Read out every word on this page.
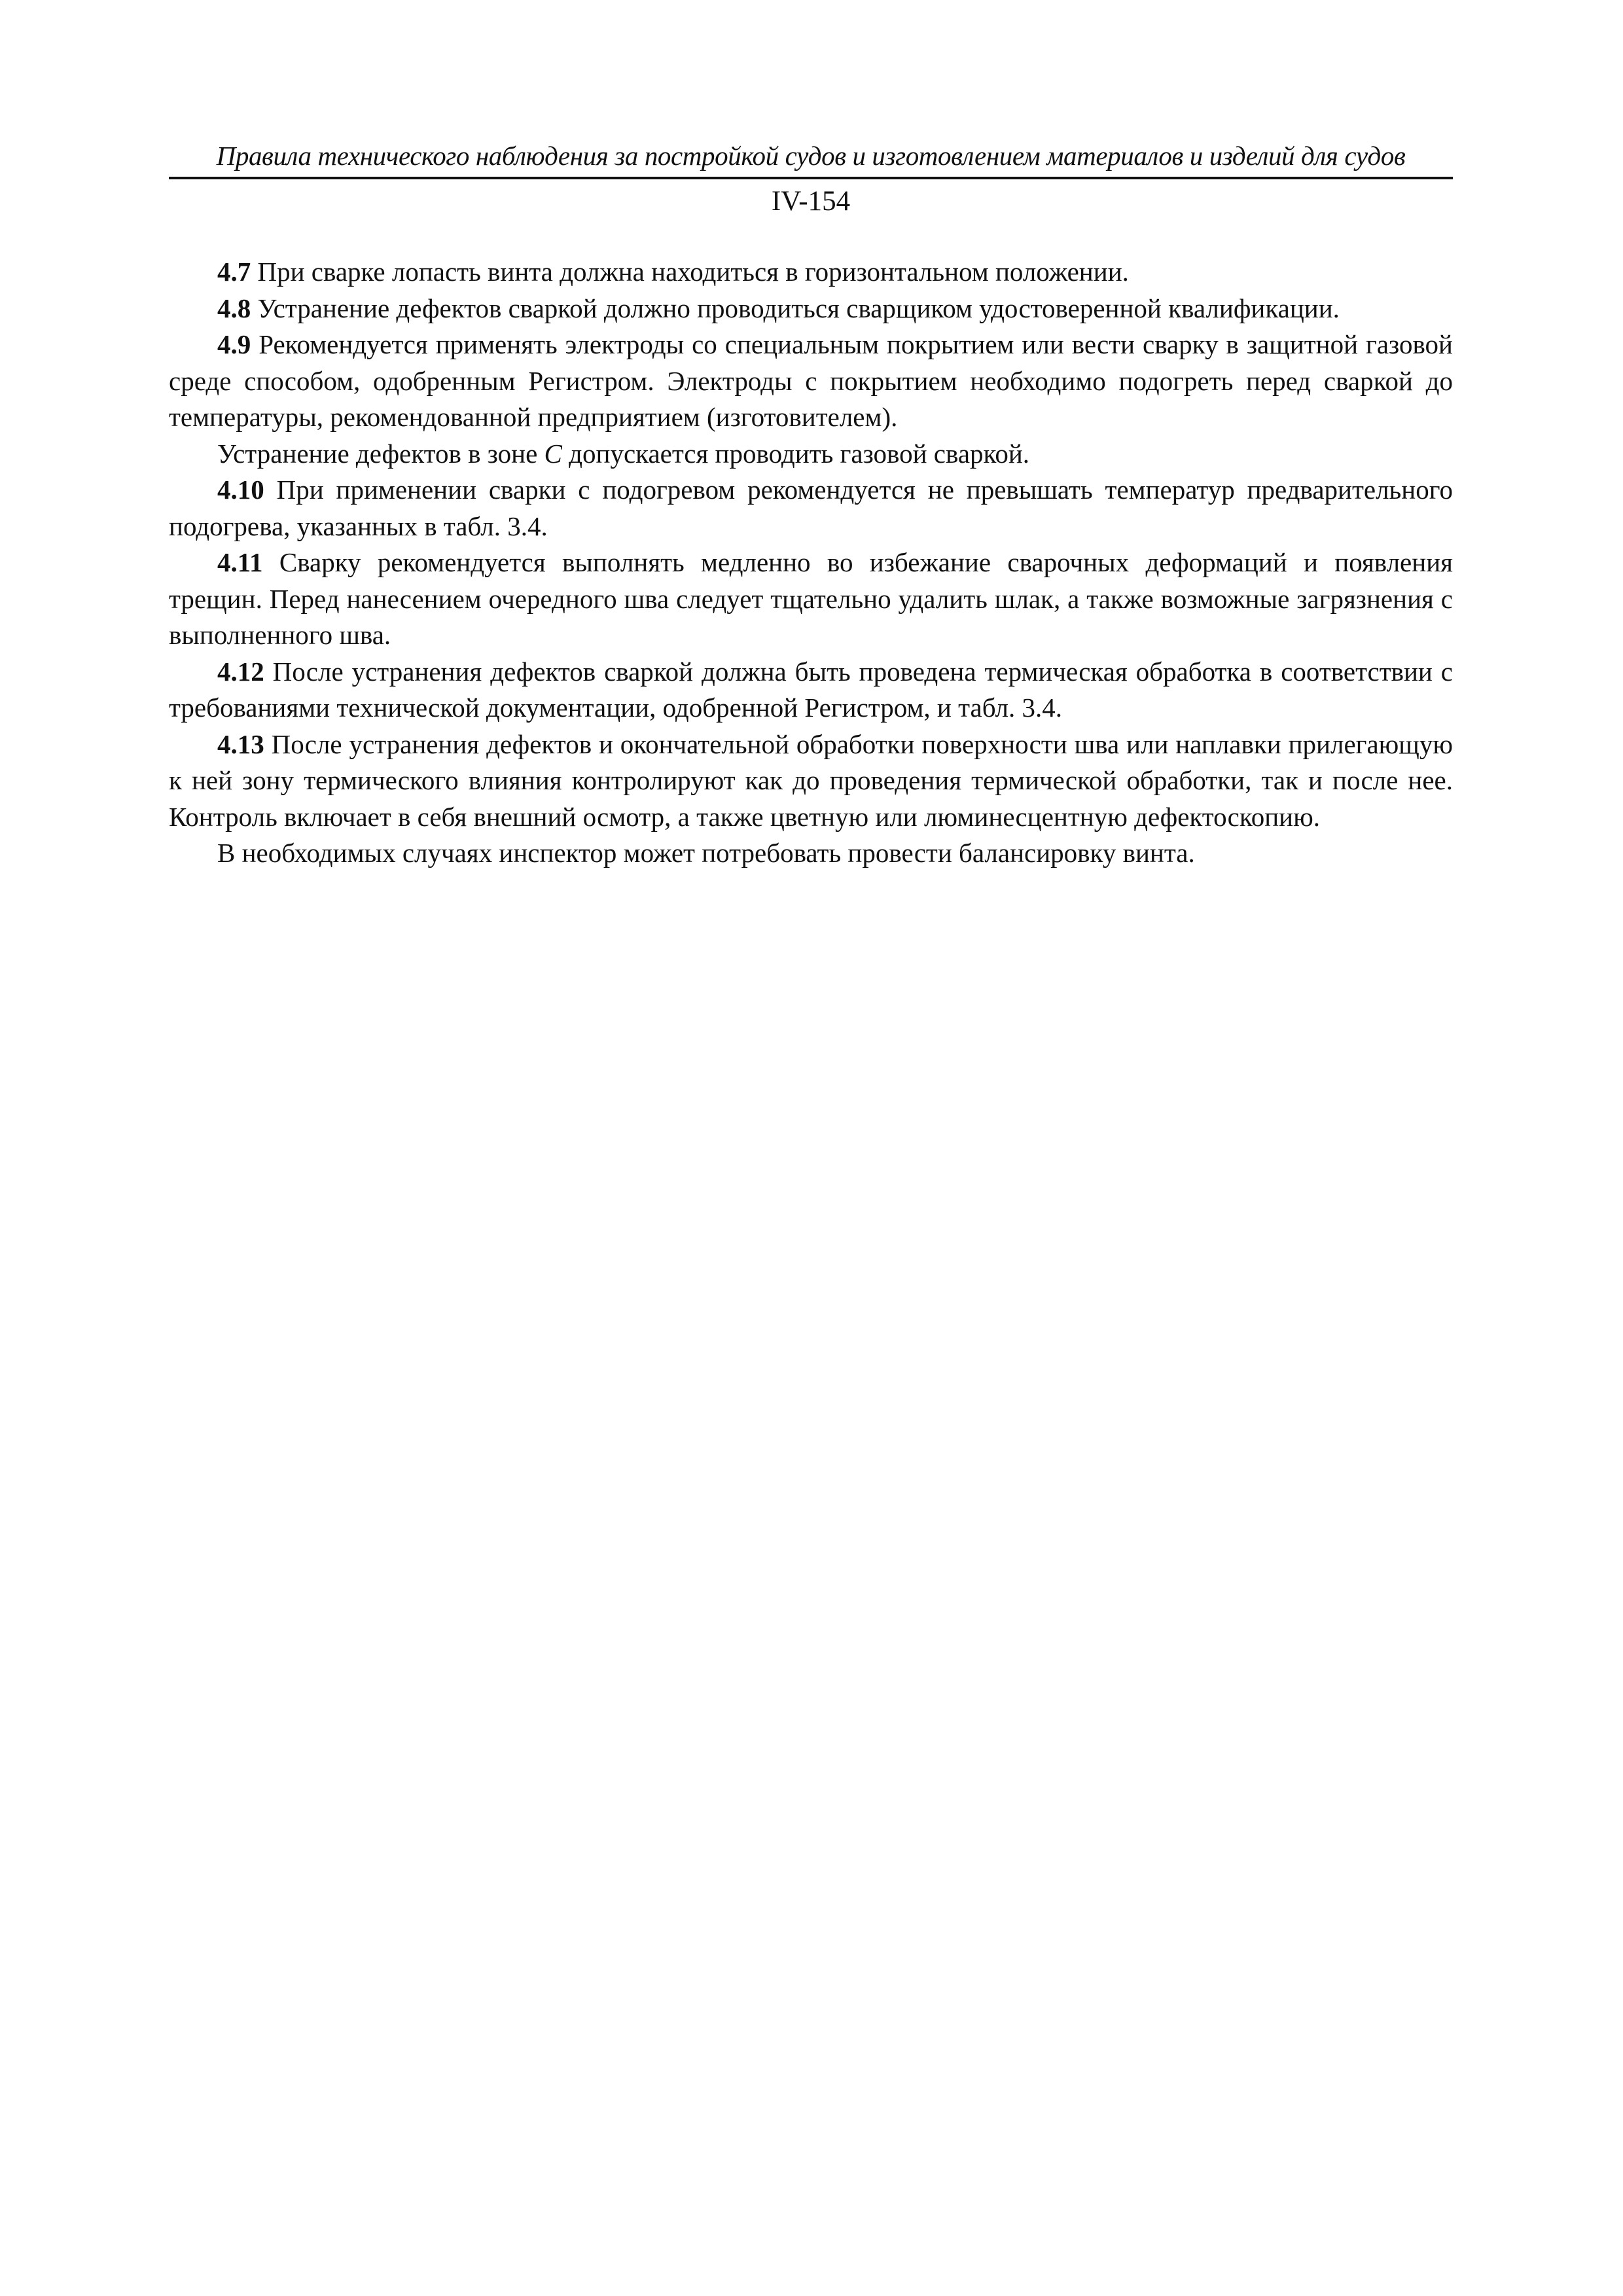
Правила технического наблюдения за постройкой судов и изготовлением материалов и изделий для судов
IV-154

4.7 При сварке лопасть винта должна находиться в горизонтальном положении.

4.8 Устранение дефектов сваркой должно проводиться сварщиком удостоверенной квалификации.

4.9 Рекомендуется применять электроды со специальным покрытием или вести сварку в защитной газовой среде способом, одобренным Регистром. Электроды с покрытием необходимо подогреть перед сваркой до температуры, рекомендованной предприятием (изготовителем).

Устранение дефектов в зоне С допускается проводить газовой сваркой.

4.10 При применении сварки с подогревом рекомендуется не превышать температур предварительного подогрева, указанных в табл. 3.4.

4.11 Сварку рекомендуется выполнять медленно во избежание сварочных деформаций и появления трещин. Перед нанесением очередного шва следует тщательно удалить шлак, а также возможные загрязнения с выполненного шва.

4.12 После устранения дефектов сваркой должна быть проведена термическая обработка в соответствии с требованиями технической документации, одобренной Регистром, и табл. 3.4.

4.13 После устранения дефектов и окончательной обработки поверхности шва или наплавки прилегающую к ней зону термического влияния контролируют как до проведения термической обработки, так и после нее. Контроль включает в себя внешний осмотр, а также цветную или люминесцентную дефектоскопию.

В необходимых случаях инспектор может потребовать провести балансировку винта.
